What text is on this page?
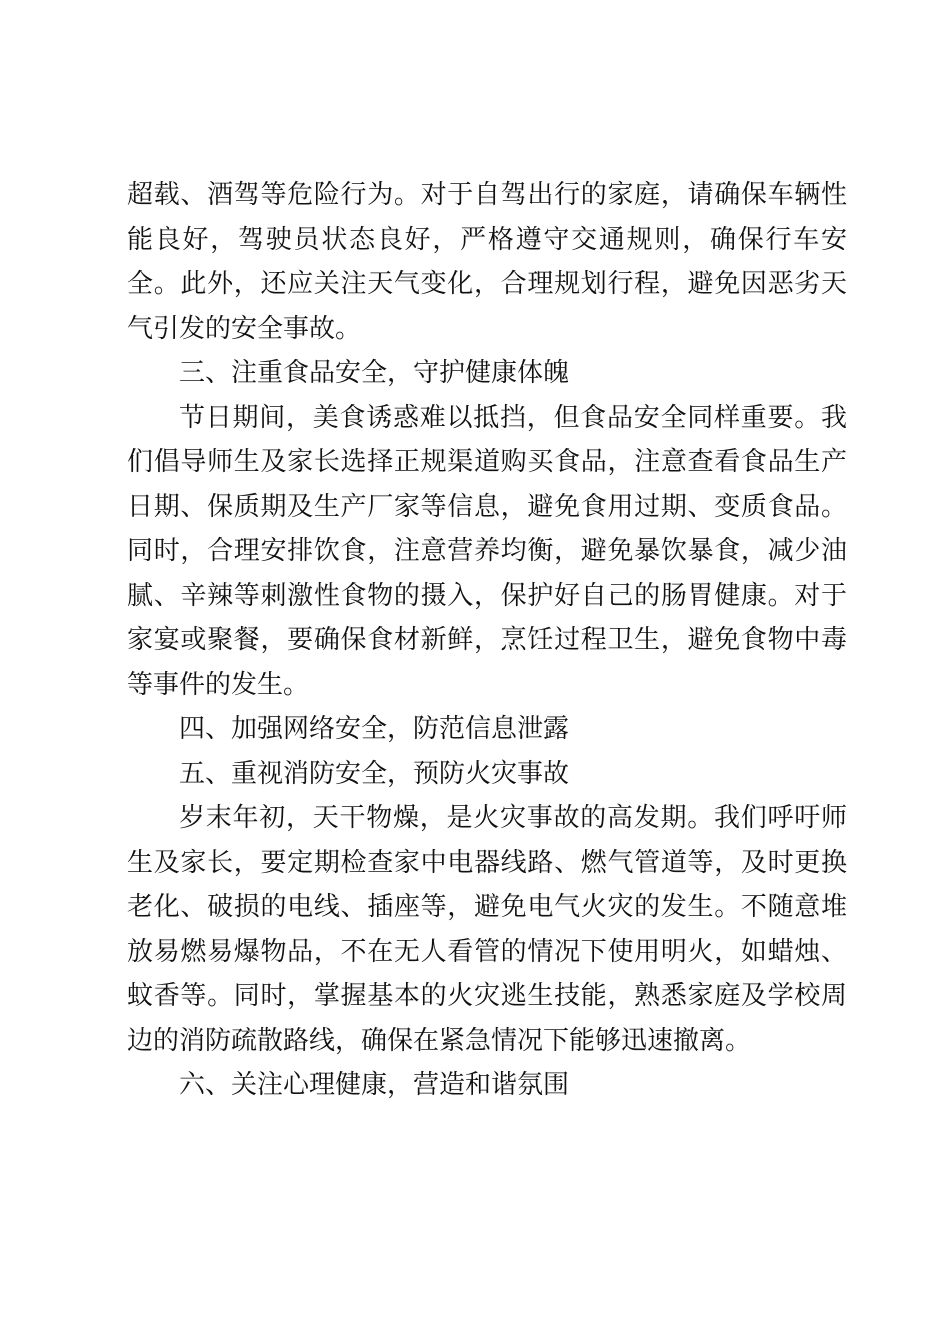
超载、酒驾等危险行为。对于自驾出行的家庭，请确保车辆性能良好，驾驶员状态良好，严格遵守交通规则，确保行车安全。此外，还应关注天气变化，合理规划行程，避免因恶劣天气引发的安全事故。

三、注重食品安全，守护健康体魄

节日期间，美食诱惑难以抵挡，但食品安全同样重要。我们倡导师生及家长选择正规渠道购买食品，注意查看食品生产日期、保质期及生产厂家等信息，避免食用过期、变质食品。同时，合理安排饮食，注意营养均衡，避免暴饮暴食，减少油腻、辛辣等刺激性食物的摄入，保护好自己的肠胃健康。对于家宴或聚餐，要确保食材新鲜，烹饪过程卫生，避免食物中毒等事件的发生。

四、加强网络安全，防范信息泄露

五、重视消防安全，预防火灾事故

岁末年初，天干物燥，是火灾事故的高发期。我们呼吁师生及家长，要定期检查家中电器线路、燃气管道等，及时更换老化、破损的电线、插座等，避免电气火灾的发生。不随意堆放易燃易爆物品，不在无人看管的情况下使用明火，如蜡烛、蚊香等。同时，掌握基本的火灾逃生技能，熟悉家庭及学校周边的消防疏散路线，确保在紧急情况下能够迅速撤离。

六、关注心理健康，营造和谐氛围
